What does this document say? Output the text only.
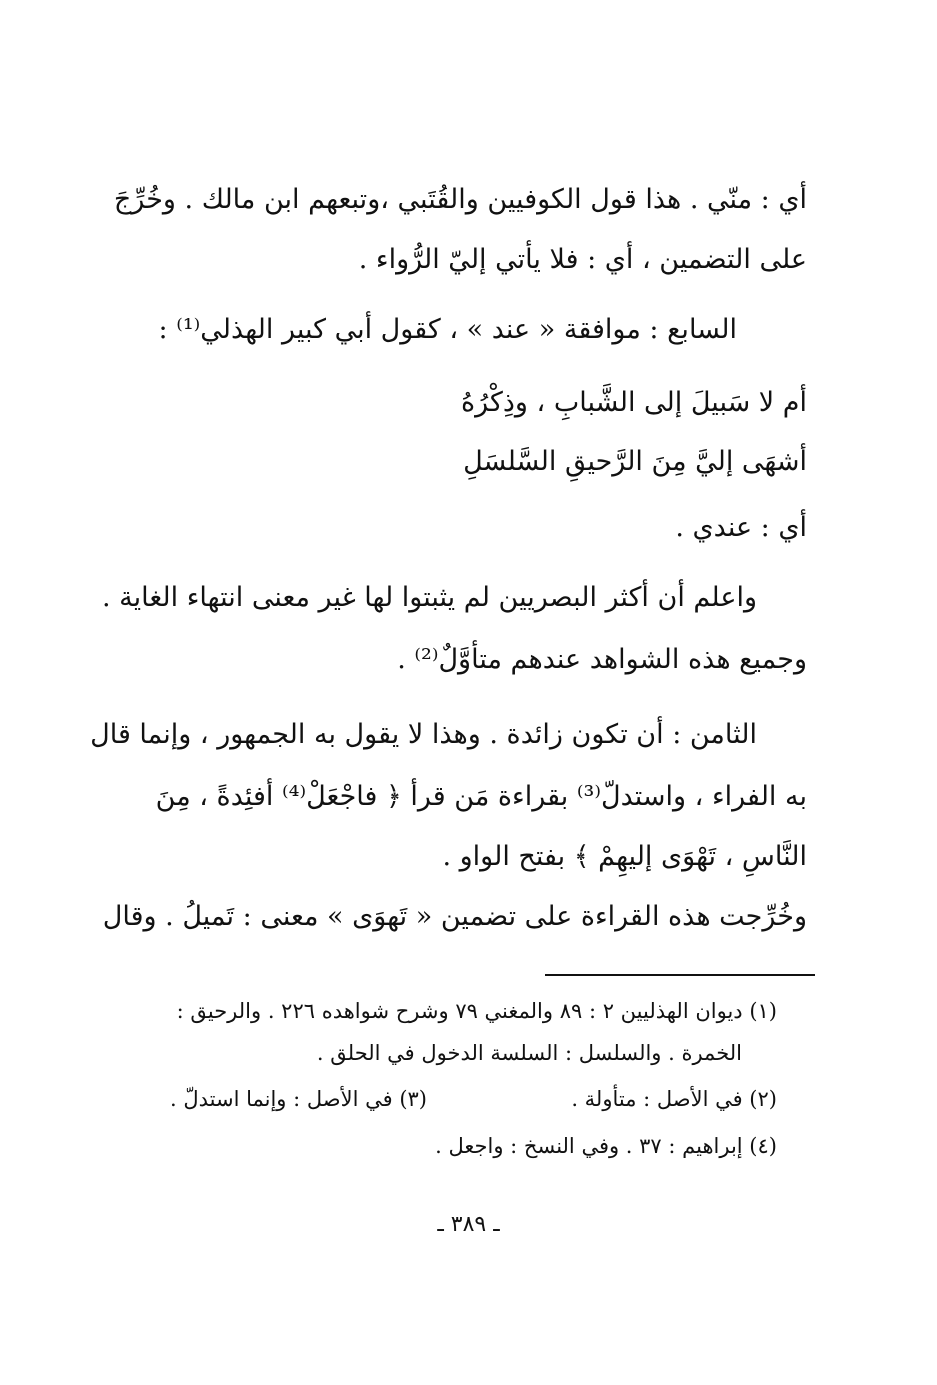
أي : منّي . هذا قول الكوفيين والقُتَبي ،وتبعهم ابن مالك . وخُرِّجَ
على التضمين ، أي : فلا يأتي إليّ الرُّواء .
السابع : موافقة « عند » ، كقول أبي كبير الهذلي⁽¹⁾ :
أم لا سَبيلَ إلى الشَّبابِ ، وذِكْرُهُ
أشهَى إليَّ مِنَ الرَّحيقِ السَّلسَلِ
أي : عندي .
واعلم أن أكثر البصريين لم يثبتوا لها غير معنى انتهاء الغاية .
وجميع هذه الشواهد عندهم متأوَّلٌ⁽²⁾ .
الثامن : أن تكون زائدة . وهذا لا يقول به الجمهور ، وإنما قال
به الفراء ، واستدلّ⁽³⁾ بقراءة مَن قرأ ﴿ فاجْعَلْ⁽⁴⁾ أفئِدةً ، مِنَ
النَّاسِ ، تَهْوَى إليهِمْ ﴾ بفتح الواو .
وخُرِّجت هذه القراءة على تضمين « تَهوَى » معنى : تَميلُ . وقال
(١) ديوان الهذليين ٢ : ٨٩ والمغني ٧٩ وشرح شواهده ٢٢٦ . والرحيق :
الخمرة . والسلسل : السلسة الدخول في الحلق .
(٢) في الأصل : متأولة .
(٣) في الأصل : وإنما استدلّ .
(٤) إبراهيم : ٣٧ . وفي النسخ : واجعل .
ـ ٣٨٩ ـ
